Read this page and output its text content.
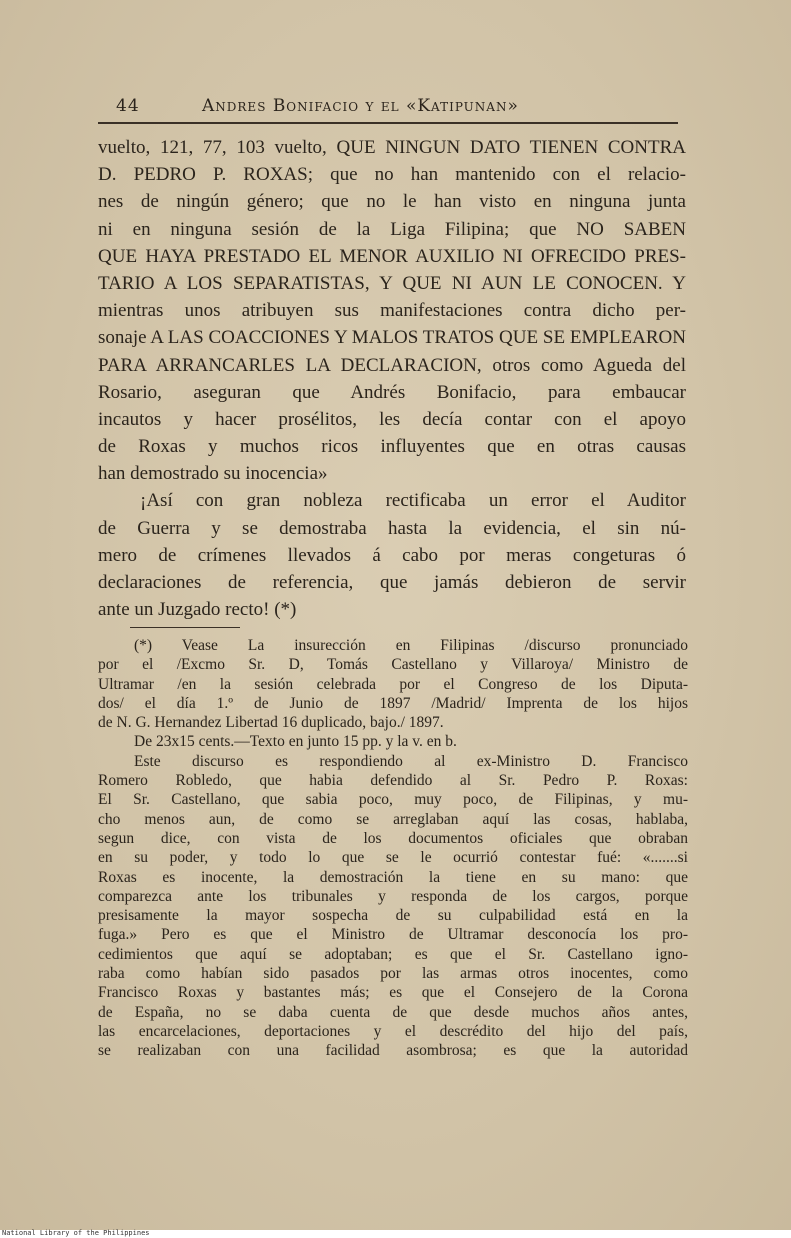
44	Andres Bonifacio y el «Katipunan»
vuelto, 121, 77, 103 vuelto, QUE NINGUN DATO TIENEN CONTRA
D. PEDRO P. ROXAS; que no han mantenido con el relacio-
nes de ningún género; que no le han visto en ninguna junta
ni en ninguna sesión de la Liga Filipina; que NO SABEN
QUE HAYA PRESTADO EL MENOR AUXILIO NI OFRECIDO PRES-
TARIO A LOS SEPARATISTAS, Y QUE NI AUN LE CONOCEN. Y
mientras unos atribuyen sus manifestaciones contra dicho per-
sonaje A LAS COACCIONES Y MALOS TRATOS QUE SE EMPLEARON
PARA ARRANCARLES LA DECLARACION, otros como Agueda del
Rosario, aseguran que Andrés Bonifacio, para embaucar
incautos y hacer prosélitos, les decía contar con el apoyo
de Roxas y muchos ricos influyentes que en otras causas
han demostrado su inocencia»
¡Así con gran nobleza rectificaba un error el Auditor
de Guerra y se demostraba hasta la evidencia, el sin nú-
mero de crímenes llevados á cabo por meras congeturas ó
declaraciones de referencia, que jamás debieron de servir
ante un Juzgado recto! (*)
(*) Vease La insurección en Filipinas /discurso pronunciado
por el /Excmo Sr. D, Tomás Castellano y Villaroya/ Ministro de
Ultramar /en la sesión celebrada por el Congreso de los Diputa-
dos/ el día 1.º de Junio de 1897 /Madrid/ Imprenta de los hijos
de N. G. Hernandez Libertad 16 duplicado, bajo./ 1897.
De 23x15 cents.—Texto en junto 15 pp. y la v. en b.
Este discurso es respondiendo al ex-Ministro D. Francisco
Romero Robledo, que habia defendido al Sr. Pedro P. Roxas:
El Sr. Castellano, que sabia poco, muy poco, de Filipinas, y mu-
cho menos aun, de como se arreglaban aquí las cosas, hablaba,
segun dice, con vista de los documentos oficiales que obraban
en su poder, y todo lo que se le ocurrió contestar fué: «.......si
Roxas es inocente, la demostración la tiene en su mano: que
comparezca ante los tribunales y responda de los cargos, porque
presisamente la mayor sospecha de su culpabilidad está en la
fuga.» Pero es que el Ministro de Ultramar desconocía los pro-
cedimientos que aquí se adoptaban; es que el Sr. Castellano igno-
raba como habían sido pasados por las armas otros inocentes, como
Francisco Roxas y bastantes más; es que el Consejero de la Corona
de España, no se daba cuenta de que desde muchos años antes,
las encarcelaciones, deportaciones y el descrédito del hijo del país,
se realizaban con una facilidad asombrosa; es que la autoridad
National Library of the Philippines
